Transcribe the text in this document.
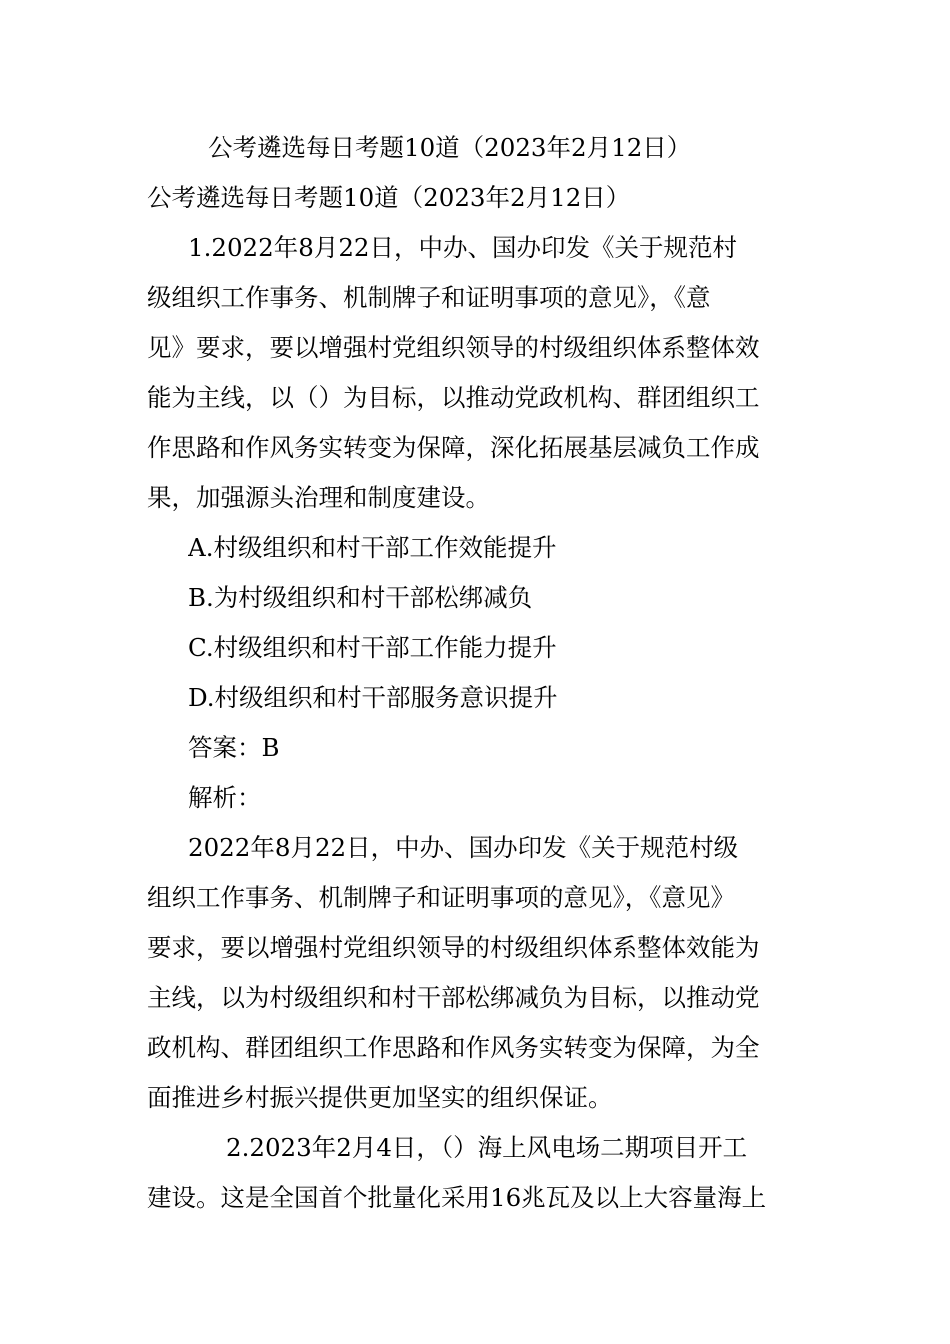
公考遴选每日考题10道（2023年2月12日）
公考遴选每日考题10道（2023年2月12日）
1.2022年8月22日，中办、国办印发《关于规范村
级组织工作事务、机制牌子和证明事项的意见》，《意
见》要求，要以增强村党组织领导的村级组织体系整体效
能为主线，以（）为目标，以推动党政机构、群团组织工
作思路和作风务实转变为保障，深化拓展基层减负工作成
果，加强源头治理和制度建设。
A.村级组织和村干部工作效能提升
B.为村级组织和村干部松绑减负
C.村级组织和村干部工作能力提升
D.村级组织和村干部服务意识提升
答案：B
解析：
2022年8月22日，中办、国办印发《关于规范村级
组织工作事务、机制牌子和证明事项的意见》，《意见》
要求，要以增强村党组织领导的村级组织体系整体效能为
主线，以为村级组织和村干部松绑减负为目标，以推动党
政机构、群团组织工作思路和作风务实转变为保障，为全
面推进乡村振兴提供更加坚实的组织保证。
2.2023年2月4日，（）海上风电场二期项目开工
建设。这是全国首个批量化采用16兆瓦及以上大容量海上
